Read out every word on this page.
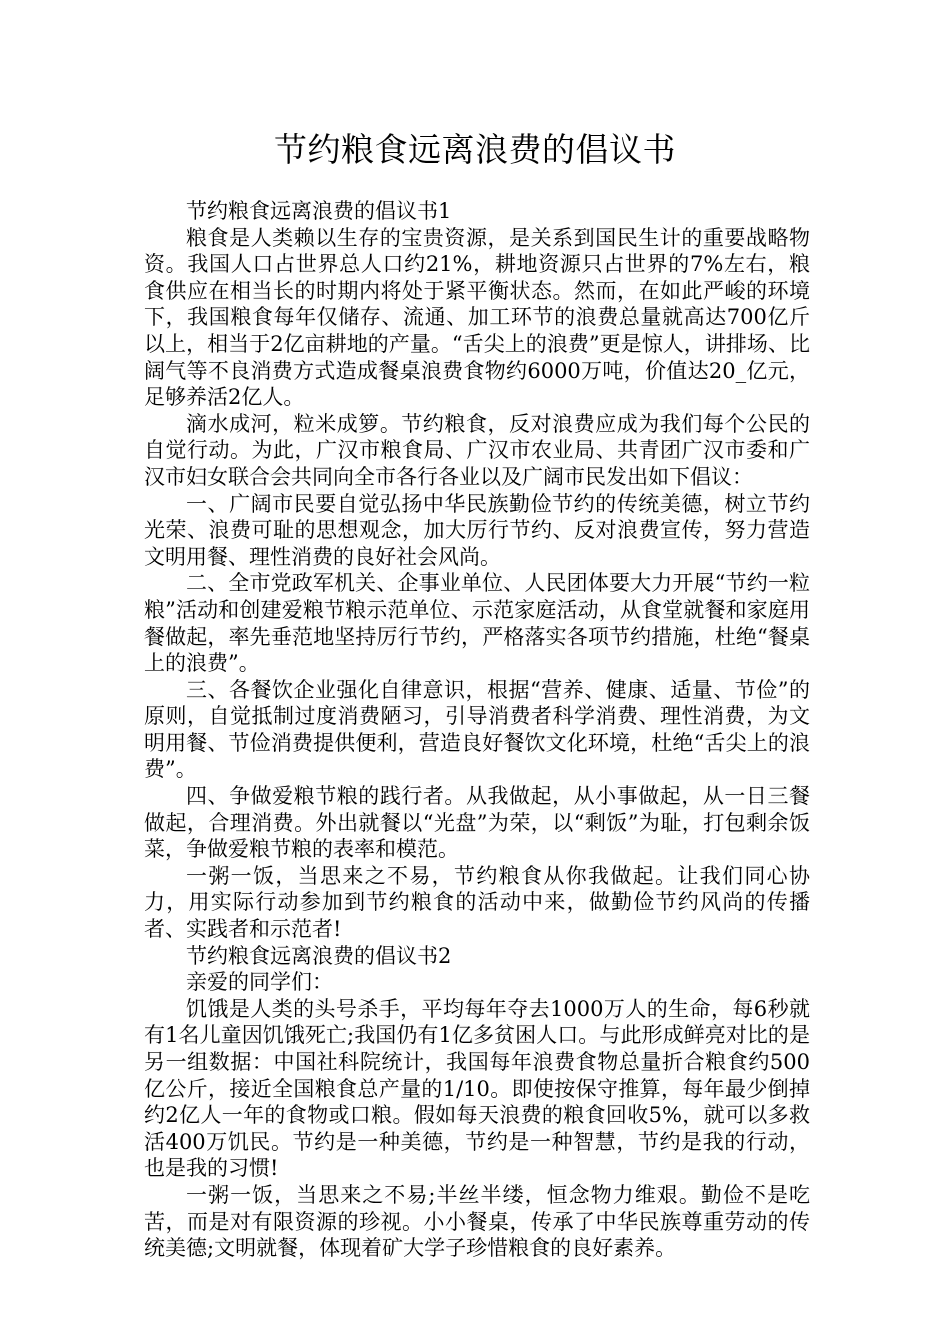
节约粮食远离浪费的倡议书

节约粮食远离浪费的倡议书1

粮食是人类赖以生存的宝贵资源，是关系到国民生计的重要战略物资。我国人口占世界总人口约21%，耕地资源只占世界的7%左右，粮食供应在相当长的时期内将处于紧平衡状态。然而，在如此严峻的环境下，我国粮食每年仅储存、流通、加工环节的浪费总量就高达700亿斤以上，相当于2亿亩耕地的产量。“舌尖上的浪费”更是惊人，讲排场、比阔气等不良消费方式造成餐桌浪费食物约6000万吨，价值达20_亿元，足够养活2亿人。

滴水成河，粒米成箩。节约粮食，反对浪费应成为我们每个公民的自觉行动。为此，广汉市粮食局、广汉市农业局、共青团广汉市委和广汉市妇女联合会共同向全市各行各业以及广阔市民发出如下倡议：

一、广阔市民要自觉弘扬中华民族勤俭节约的传统美德，树立节约光荣、浪费可耻的思想观念，加大厉行节约、反对浪费宣传，努力营造文明用餐、理性消费的良好社会风尚。

二、全市党政军机关、企事业单位、人民团体要大力开展“节约一粒粮”活动和创建爱粮节粮示范单位、示范家庭活动，从食堂就餐和家庭用餐做起，率先垂范地坚持厉行节约，严格落实各项节约措施，杜绝“餐桌上的浪费”。

三、各餐饮企业强化自律意识，根据“营养、健康、适量、节俭”的原则，自觉抵制过度消费陋习，引导消费者科学消费、理性消费，为文明用餐、节俭消费提供便利，营造良好餐饮文化环境，杜绝“舌尖上的浪费”。

四、争做爱粮节粮的践行者。从我做起，从小事做起，从一日三餐做起，合理消费。外出就餐以“光盘”为荣，以“剩饭”为耻，打包剩余饭菜，争做爱粮节粮的表率和模范。

一粥一饭，当思来之不易，节约粮食从你我做起。让我们同心协力，用实际行动参加到节约粮食的活动中来，做勤俭节约风尚的传播者、实践者和示范者!

节约粮食远离浪费的倡议书2

亲爱的同学们：

饥饿是人类的头号杀手，平均每年夺去1000万人的生命，每6秒就有1名儿童因饥饿死亡;我国仍有1亿多贫困人口。与此形成鲜亮对比的是另一组数据：中国社科院统计，我国每年浪费食物总量折合粮食约500亿公斤，接近全国粮食总产量的1/10。即使按保守推算，每年最少倒掉约2亿人一年的食物或口粮。假如每天浪费的粮食回收5%，就可以多救活400万饥民。节约是一种美德，节约是一种智慧，节约是我的行动，也是我的习惯!

一粥一饭，当思来之不易;半丝半缕，恒念物力维艰。勤俭不是吃苦，而是对有限资源的珍视。小小餐桌，传承了中华民族尊重劳动的传统美德;文明就餐，体现着矿大学子珍惜粮食的良好素养。
